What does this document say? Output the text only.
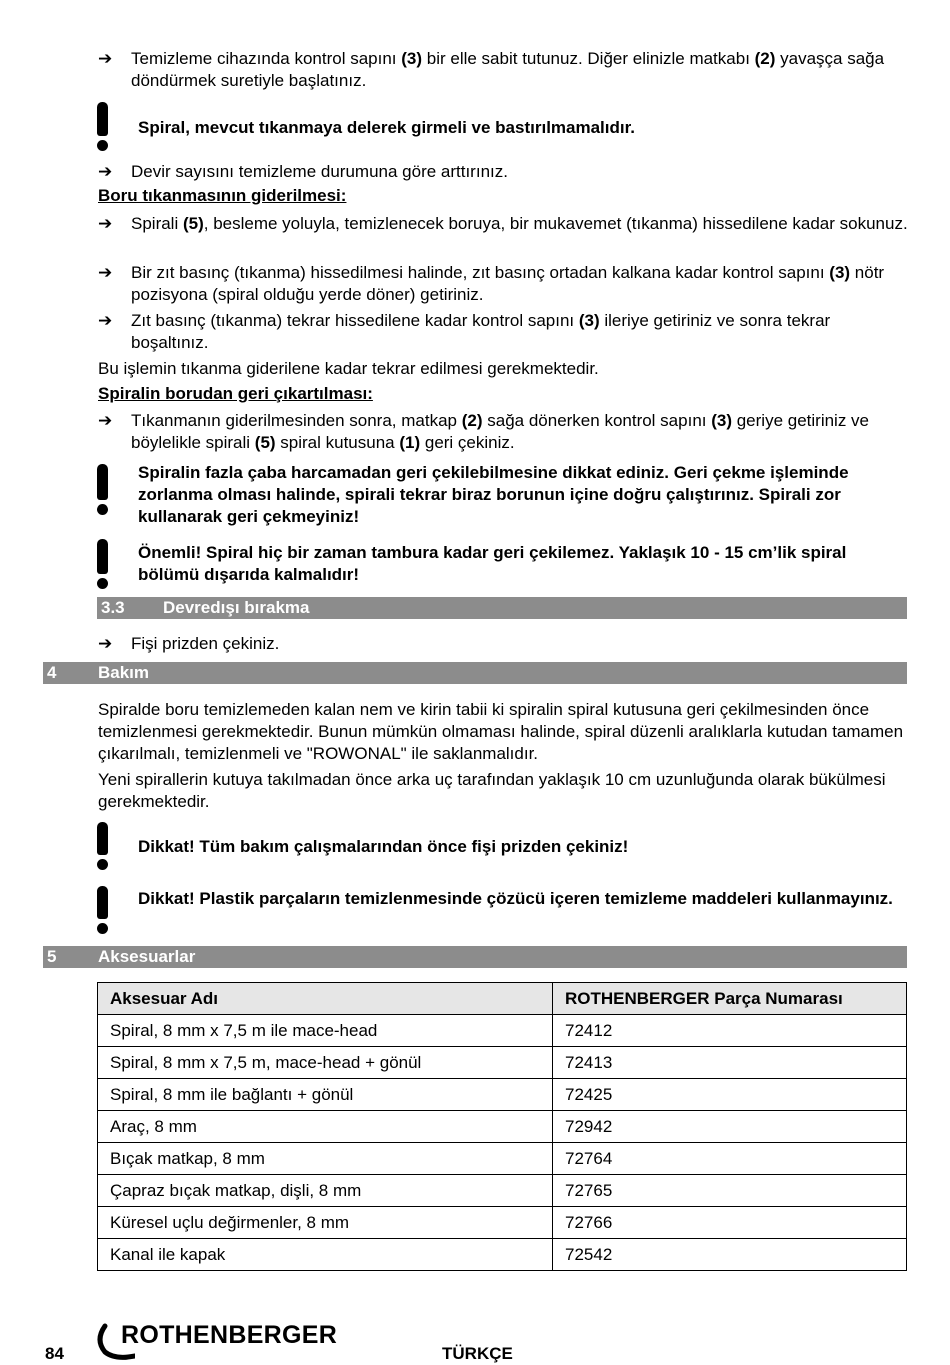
➔ Temizleme cihazında kontrol sapını (3) bir elle sabit tutunuz. Diğer elinizle matkabı (2) yavaşça sağa döndürmek suretiyle başlatınız.
Spiral, mevcut tıkanmaya delerek girmeli ve bastırılmamalıdır.
➔ Devir sayısını temizleme durumuna göre arttırınız.
Boru tıkanmasının giderilmesi:
➔ Spirali (5), besleme yoluyla, temizlenecek boruya, bir mukavemet (tıkanma) hissedilene kadar sokunuz.
➔ Bir zıt basınç (tıkanma) hissedilmesi halinde, zıt basınç ortadan kalkana kadar kontrol sapını (3) nötr pozisyona (spiral olduğu yerde döner) getiriniz.
➔ Zıt basınç (tıkanma) tekrar hissedilene kadar kontrol sapını (3) ileriye getiriniz ve sonra tekrar boşaltınız.
Bu işlemin tıkanma giderilene kadar tekrar edilmesi gerekmektedir.
Spiralin borudan geri çıkartılması:
➔ Tıkanmanın giderilmesinden sonra, matkap (2) sağa dönerken kontrol sapını (3) geriye getiriniz ve böylelikle spirali (5) spiral kutusuna (1) geri çekiniz.
Spiralin fazla çaba harcamadan geri çekilebilmesine dikkat ediniz. Geri çekme işleminde zorlanma olması halinde, spirali tekrar biraz borunun içine doğru çalıştırınız. Spirali zor kullanarak geri çekmeyiniz!
Önemli! Spiral hiç bir zaman tambura kadar geri çekilemez. Yaklaşık 10 - 15 cm’lik spiral bölümü dışarıda kalmalıdır!
3.3 Devredışı bırakma
➔ Fişi prizden çekiniz.
4 Bakım
Spiralde boru temizlemeden kalan nem ve kirin tabii ki spiralin spiral kutusuna geri çekilmesinden önce temizlenmesi gerekmektedir. Bunun mümkün olmaması halinde, spiral düzenli aralıklarla kutudan tamamen çıkarılmalı, temizlenmeli ve "ROWONAL" ile saklanmalıdır.
Yeni spirallerin kutuya takılmadan önce arka uç tarafından yaklaşık 10 cm uzunluğunda olarak bükülmesi gerekmektedir.
Dikkat! Tüm bakım çalışmalarından önce fişi prizden çekiniz!
Dikkat! Plastik parçaların temizlenmesinde çözücü içeren temizleme maddeleri kullanmayınız.
5 Aksesuarlar
Aksesuar Adı	ROTHENBERGER Parça Numarası
Spiral, 8 mm x 7,5 m ile mace-head	72412
Spiral, 8 mm x 7,5 m, mace-head + gönül	72413
Spiral, 8 mm ile bağlantı + gönül	72425
Araç, 8 mm	72942
Bıçak matkap, 8 mm	72764
Çapraz bıçak matkap, dişli, 8 mm	72765
Küresel uçlu değirmenler, 8 mm	72766
Kanal ile kapak	72542
84
ROTHENBERGER
TÜRKÇE
